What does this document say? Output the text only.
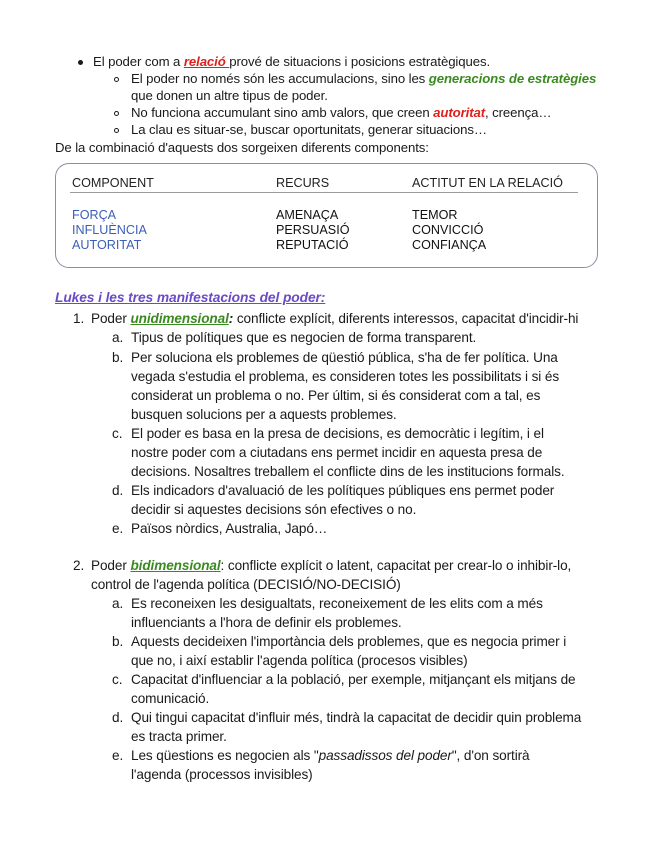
El poder com a relació prové de situacions i posicions estratègiques.
El poder no només són les accumulacions, sino les generacions de estratègies
que donen un altre tipus de poder.
No funciona accumulant sino amb valors, que creen autoritat, creença…
La clau es situar-se, buscar oportunitats, generar situacions…
De la combinació d'aquests dos sorgeixen diferents components:
COMPONENT	RECURS	ACTITUT EN LA RELACIÓ
FORÇA	AMENAÇA	TEMOR
INFLUÈNCIA	PERSUASIÓ	CONVICCIÓ
AUTORITAT	REPUTACIÓ	CONFIANÇA
Lukes i les tres manifestacions del poder:
1. Poder unidimensional: conflicte explícit, diferents interessos, capacitat d'incidir-hi
a. Tipus de polítiques que es negocien de forma transparent.
b. Per soluciona els problemes de qüestió pública, s'ha de fer política. Una
vegada s'estudia el problema, es consideren totes les possibilitats i si és
considerat un problema o no. Per últim, si és considerat com a tal, es
busquen solucions per a aquests problemes.
c. El poder es basa en la presa de decisions, es democràtic i legítim, i el
nostre poder com a ciutadans ens permet incidir en aquesta presa de
decisions. Nosaltres treballem el conflicte dins de les institucions formals.
d. Els indicadors d'avaluació de les polítiques públiques ens permet poder
decidir si aquestes decisions són efectives o no.
e. Països nòrdics, Australia, Japó…
2. Poder bidimensional: conflicte explícit o latent, capacitat per crear-lo o inhibir-lo,
control de l'agenda política (DECISIÓ/NO-DECISIÓ)
a. Es reconeixen les desigualtats, reconeixement de les elits com a més
influenciants a l'hora de definir els problemes.
b. Aquests decideixen l'importància dels problemes, que es negocia primer i
que no, i així establir l'agenda política (procesos visibles)
c. Capacitat d'influenciar a la població, per exemple, mitjançant els mitjans de
comunicació.
d. Qui tingui capacitat d'influir més, tindrà la capacitat de decidir quin problema
es tracta primer.
e. Les qüestions es negocien als "passadissos del poder", d'on sortirà
l'agenda (processos invisibles)
